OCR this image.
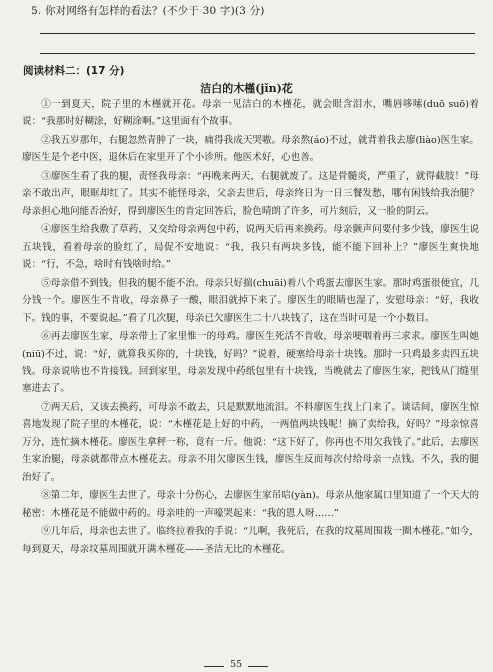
5. 你对网络有怎样的看法？(不少于 30 字)(3 分)
阅读材料二：(17 分)
洁白的木槿(jǐn)花

①一到夏天，院子里的木槿就开花。母亲一见洁白的木槿花，就会眼含泪水，嘴唇哆嗦(duō suō)着说：“我那时好糊涂，好糊涂啊。”这里面有个故事。

②我五岁那年，右腿忽然青肿了一块，痛得我成天哭嗷。母亲熬(áo)不过，就背着我去廖(liào)医生家。廖医生是个老中医，退休后在家里开了个小诊所。他医术好，心也善。

③廖医生看了我的腿，责怪我母亲：“再晚来两天，右腿就废了。这是骨髓炎，严重了，就得截肢！”母亲不敢出声，眼眶却红了。其实不能怪母亲，父亲去世后，母亲终日为一日三餐发愁，哪有闲钱给我治腿？母亲担心地问能否治好，得到廖医生的肯定回答后，脸色晴朗了许多，可片刻后，又一脸的阴云。

④廖医生给我敷了草药，又交给母亲两包中药，说两天后再来换药。母亲颤声问要付多少钱，廖医生说五块钱，看着母亲的脸红了，局促不安地说：“我，我只有两块多钱，能不能下回补上？”廖医生爽快地说：“行，不急，啥时有钱啥时给。”

⑤母亲借不到钱，但我的腿不能不治。母亲只好揣(chuāi)着八个鸡蛋去廖医生家。那时鸡蛋很便宜，几分钱一个。廖医生不肯收，母亲鼻子一酸，眼泪就掉下来了。廖医生的眼睛也湿了，安慰母亲：“好，我收下。钱的事，不要说起。”看了几次腿，母亲已欠廖医生二十八块钱了，这在当时可是一个小数目。

⑥再去廖医生家，母亲带上了家里惟一的母鸡。廖医生死活不肯收，母亲哽咽着再三求求。廖医生叫她(niū)不过，说：“好，就算我买你的，十块钱，好吗？”说着，硬塞给母亲十块钱。那时一只鸡最多卖四五块钱。母亲说啥也不肯接钱。回到家里，母亲发现中药纸包里有十块钱，当晚就去了廖医生家，把钱从门缝里塞进去了。

⑦两天后，又该去换药，可母亲不敢去，只是默默地流泪。不料廖医生找上门来了。谈话间，廖医生惊喜地发现了院子里的木槿花，说：“木槿花是上好的中药，一两值两块钱呢！摘了卖给我，好吗？”母亲惊喜万分，连忙摘木槿花。廖医生拿秤一称，竟有一斤。他说：“这下好了，你再也不用欠我钱了。”此后，去廖医生家治腿，母亲就都带点木槿花去。母亲不用欠廖医生钱，廖医生反而每次付给母亲一点钱。不久，我的腿治好了。

⑧第二年，廖医生去世了。母亲十分伤心，去廖医生家吊唁(yàn)。母亲从他家属口里知道了一个天大的秘密：木槿花是不能做中药的。母亲哇的一声嚎哭起来：“我的恩人呀……”

⑨几年后，母亲也去世了。临终拉着我的手说：“儿啊，我死后，在我的坟墓周围栽一圈木槿花。”如今，每到夏天，母亲坟墓周围就开满木槿花——圣洁无比的木槿花。

55
